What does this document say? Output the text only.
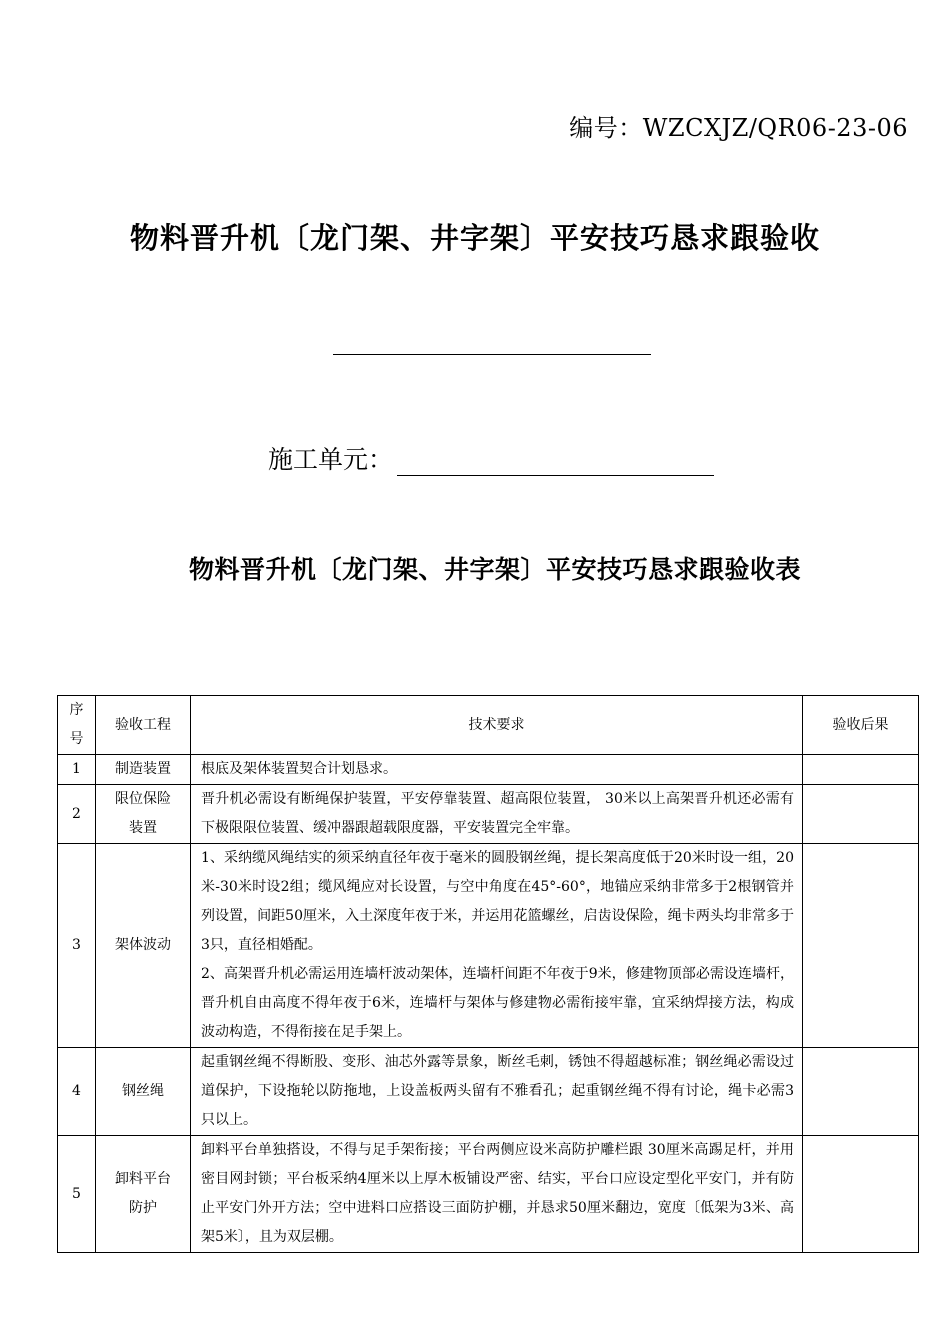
编号：WZCXJZ/QR06-23-06
物料晋升机〔龙门架、井字架〕平安技巧恳求跟验收
施工单元：
物料晋升机〔龙门架、井字架〕平安技巧恳求跟验收表
序号	验收工程	技术要求	验收后果
1	制造装置	根底及架体装置契合计划恳求。	

2	限位保险装置	晋升机必需设有断绳保护装置，平安停靠装置、超高限位装置， 30米以上高架晋升机还必需有下极限限位装置、缓冲器跟超载限度器，平安装置完全牢靠。	

3	架体波动	1、采纳缆风绳结实的须采纳直径年夜于毫米的圆股钢丝绳，提长架高度低于20米时设一组，20米-30米时设2组；缆风绳应对长设置，与空中角度在45°-60°，地锚应采纳非常多于2根钢管并列设置，间距50厘米，入土深度年夜于米，并运用花篮螺丝，启齿设保险，绳卡两头均非常多于3只，直径相婚配。

2、高架晋升机必需运用连墙杆波动架体，连墙杆间距不年夜于9米，修建物顶部必需设连墙杆，晋升机自由高度不得年夜于6米，连墙杆与架体与修建物必需衔接牢靠，宜采纳焊接方法，构成波动构造，不得衔接在足手架上。	

4	钢丝绳	起重钢丝绳不得断股、变形、油芯外露等景象，断丝毛刺，锈蚀不得超越标准；钢丝绳必需设过道保护，下设拖轮以防拖地，上设盖板两头留有不雅看孔；起重钢丝绳不得有讨论，绳卡必需3只以上。	

5	卸料平台防护	卸料平台单独搭设，不得与足手架衔接；平台两侧应设米高防护雕栏跟 30厘米高踢足杆，并用密目网封锁；平台板采纳4厘米以上厚木板铺设严密、结实，平台口应设定型化平安门，并有防止平安门外开方法；空中进料口应搭设三面防护棚，并恳求50厘米翻边，宽度〔低架为3米、高架5米〕，且为双层棚。	
